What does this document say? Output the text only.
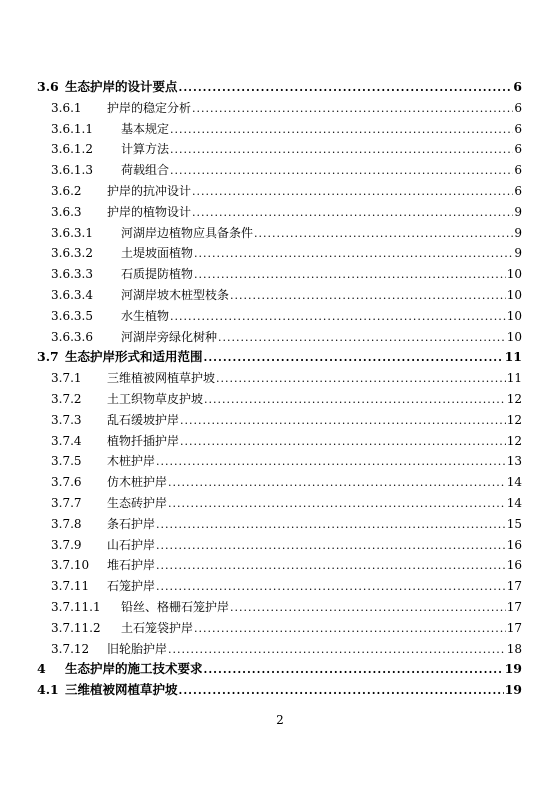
3.6 生态护岸的设计要点 .....	6
3.6.1	护岸的稳定分析 .....	6
3.6.1.1	基本规定 .....	6
3.6.1.2	计算方法 .....	6
3.6.1.3	荷载组合 .....	6
3.6.2	护岸的抗冲设计 .....	6
3.6.3	护岸的植物设计 .....	9
3.6.3.1	河湖岸边植物应具备条件 .....	9
3.6.3.2	土堤坡面植物 .....	9
3.6.3.3	石质提防植物 .....	10
3.6.3.4	河湖岸坡木桩型枝条 .....	10
3.6.3.5	水生植物 .....	10
3.6.3.6	河湖岸旁绿化树种 .....	10
3.7 生态护岸形式和适用范围 .....	11
3.7.1	三维植被网植草护坡 .....	11
3.7.2	土工织物草皮护坡 .....	12
3.7.3	乱石缓坡护岸 .....	12
3.7.4	植物扦插护岸 .....	12
3.7.5	木桩护岸 .....	13
3.7.6	仿木桩护岸 .....	14
3.7.7	生态砖护岸 .....	14
3.7.8	条石护岸 .....	15
3.7.9	山石护岸 .....	16
3.7.10	堆石护岸 .....	16
3.7.11	石笼护岸 .....	17
3.7.11.1	铅丝、格栅石笼护岸 .....	17
3.7.11.2	土石笼袋护岸 .....	17
3.7.12	旧轮胎护岸 .....	18
4	生态护岸的施工技术要求 .....	19
4.1 三维植被网植草护坡 .....	19
2
